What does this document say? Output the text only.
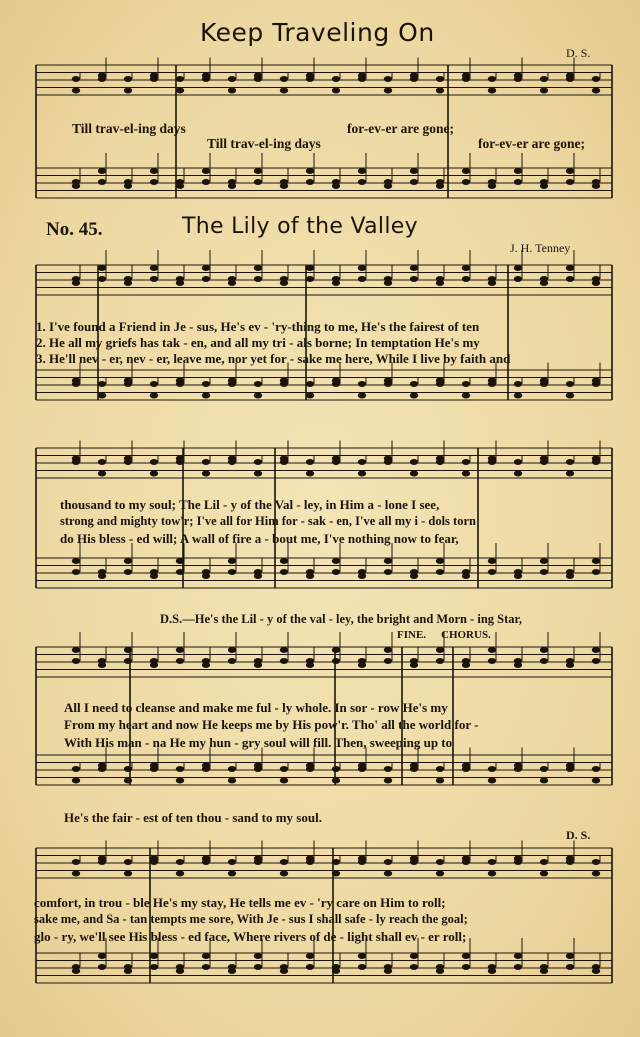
Keep Traveling On
D. S.
Till trav-el-ing days	for-ev-er are gone;
Till trav-el-ing days	for-ev-er are gone;
No. 45.	The Lily of the Valley
J. H. Tenney
1. I've found a Friend in Je - sus, He's ev - 'ry-thing to me, He's the fairest of ten
2. He all my griefs has tak - en, and all my tri - als borne; In temptation He's my
3. He'll nev - er, nev - er, leave me, nor yet for - sake me here, While I live by faith and
thousand to my soul; The Lil - y of the Val - ley, in Him a - lone I see,
strong and mighty tow'r; I've all for Him for - sak - en, I've all my i - dols torn
do His bless - ed will; A wall of fire a - bout me, I've nothing now to fear,
D.S.—He's the Lil - y of the val - ley, the bright and Morn - ing Star,
FINE. CHORUS.
All I need to cleanse and make me ful - ly whole. In sor - row He's my
From my heart and now He keeps me by His pow'r. Tho' all the world for -
With His man - na He my hun - gry soul will fill. Then, sweeping up to
He's the fair - est of ten thou - sand to my soul.
D. S.
comfort, in trou - ble He's my stay, He tells me ev - 'ry care on Him to roll;
sake me, and Sa - tan tempts me sore, With Je - sus I shall safe - ly reach the goal;
glo - ry, we'll see His bless - ed face, Where rivers of de - light shall ev - er roll;
